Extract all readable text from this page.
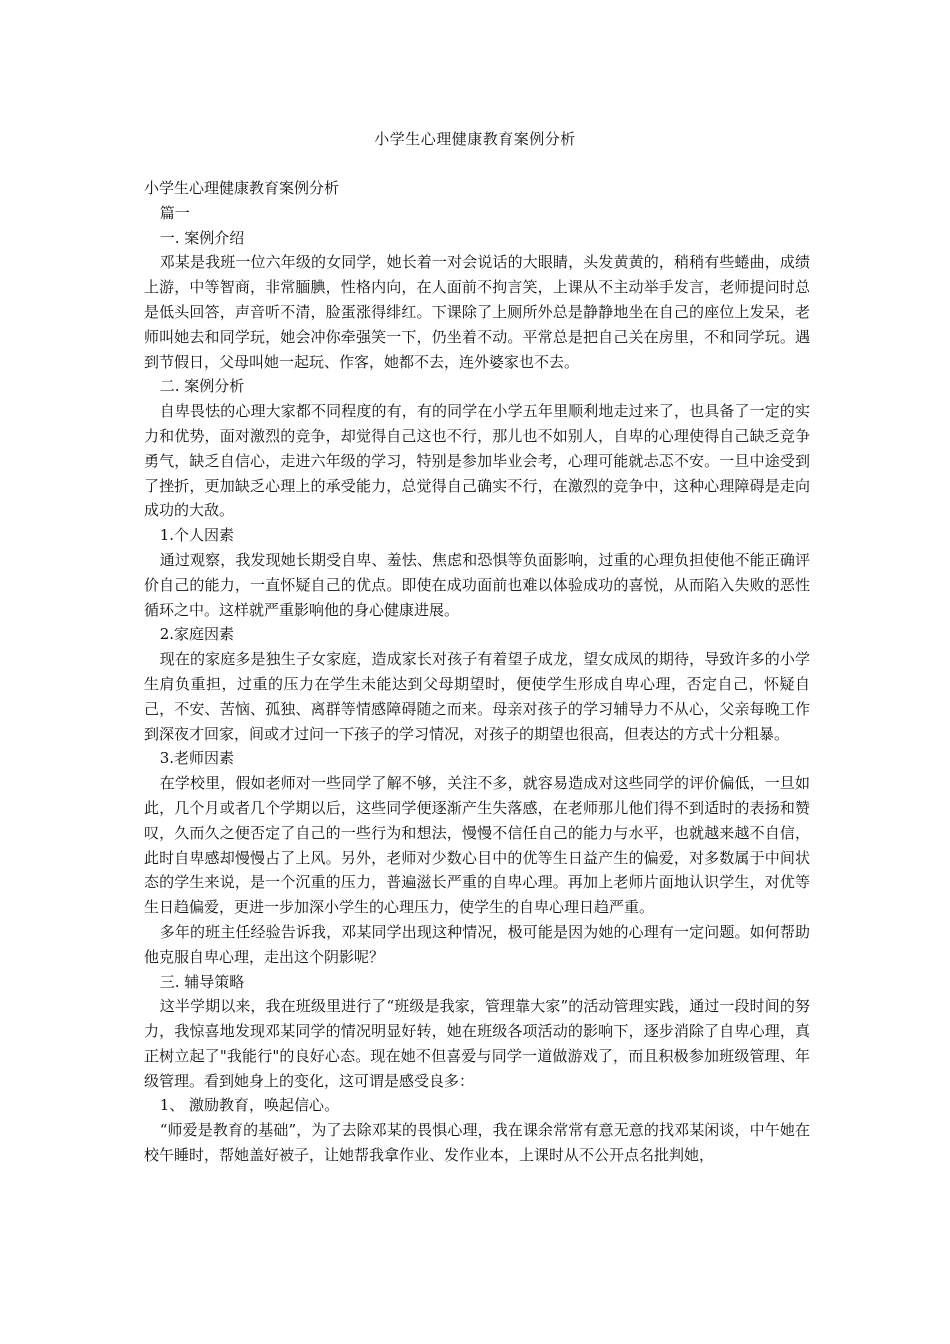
小学生心理健康教育案例分析

小学生心理健康教育案例分析

篇一

一. 案例介绍

邓某是我班一位六年级的女同学，她长着一对会说话的大眼睛，头发黄黄的，稍稍有些蜷曲，成绩上游，中等智商，非常腼腆，性格内向，在人面前不拘言笑，上课从不主动举手发言，老师提问时总是低头回答，声音听不清，脸蛋涨得绯红。下课除了上厕所外总是静静地坐在自己的座位上发呆，老师叫她去和同学玩，她会冲你牵强笑一下，仍坐着不动。平常总是把自己关在房里，不和同学玩。遇到节假日，父母叫她一起玩、作客，她都不去，连外婆家也不去。

二. 案例分析

自卑畏怯的心理大家都不同程度的有，有的同学在小学五年里顺利地走过来了，也具备了一定的实力和优势，面对激烈的竞争，却觉得自己这也不行，那儿也不如别人，自卑的心理使得自己缺乏竞争勇气，缺乏自信心，走进六年级的学习，特别是参加毕业会考，心理可能就忐忑不安。一旦中途受到了挫折，更加缺乏心理上的承受能力，总觉得自己确实不行，在激烈的竞争中，这种心理障碍是走向成功的大敌。

1.个人因素

通过观察，我发现她长期受自卑、羞怯、焦虑和恐惧等负面影响，过重的心理负担使他不能正确评价自己的能力，一直怀疑自己的优点。即使在成功面前也难以体验成功的喜悦，从而陷入失败的恶性循环之中。这样就严重影响他的身心健康进展。

2.家庭因素

现在的家庭多是独生子女家庭，造成家长对孩子有着望子成龙，望女成凤的期待，导致许多的小学生肩负重担，过重的压力在学生未能达到父母期望时，便使学生形成自卑心理，否定自己，怀疑自己，不安、苦恼、孤独、离群等情感障碍随之而来。母亲对孩子的学习辅导力不从心，父亲每晚工作到深夜才回家，间或才过问一下孩子的学习情况，对孩子的期望也很高，但表达的方式十分粗暴。

3.老师因素

在学校里，假如老师对一些同学了解不够，关注不多，就容易造成对这些同学的评价偏低，一旦如此，几个月或者几个学期以后，这些同学便逐渐产生失落感，在老师那儿他们得不到适时的表扬和赞叹，久而久之便否定了自己的一些行为和想法，慢慢不信任自己的能力与水平，也就越来越不自信，此时自卑感却慢慢占了上风。另外，老师对少数心目中的优等生日益产生的偏爱，对多数属于中间状态的学生来说，是一个沉重的压力，普遍滋长严重的自卑心理。再加上老师片面地认识学生，对优等生日趋偏爱，更进一步加深小学生的心理压力，使学生的自卑心理日趋严重。

多年的班主任经验告诉我，邓某同学出现这种情况，极可能是因为她的心理有一定问题。如何帮助他克服自卑心理，走出这个阴影呢？

三. 辅导策略

这半学期以来，我在班级里进行了“班级是我家，管理靠大家”的活动管理实践，通过一段时间的努力，我惊喜地发现邓某同学的情况明显好转，她在班级各项活动的影响下，逐步消除了自卑心理，真正树立起了"我能行"的良好心态。现在她不但喜爱与同学一道做游戏了，而且积极参加班级管理、年级管理。看到她身上的变化，这可谓是感受良多：

1、 激励教育，唤起信心。

“师爱是教育的基础”，为了去除邓某的畏惧心理，我在课余常常有意无意的找邓某闲谈，中午她在校午睡时，帮她盖好被子，让她帮我拿作业、发作业本，上课时从不公开点名批判她，
